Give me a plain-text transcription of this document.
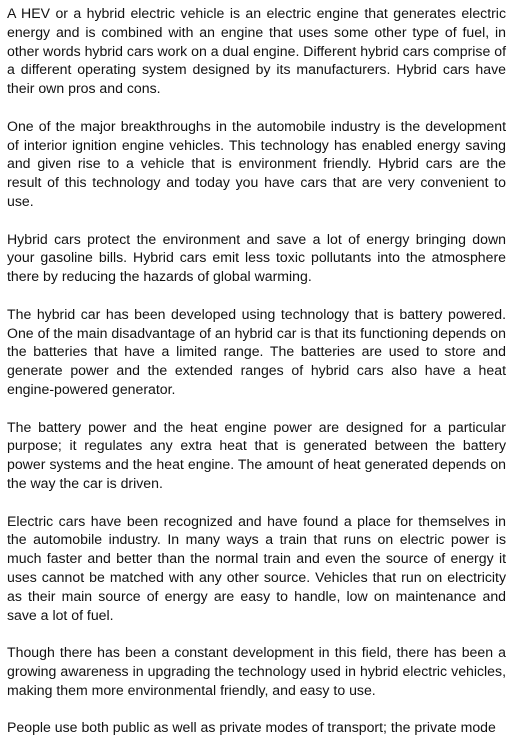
A HEV or a hybrid electric vehicle is an electric engine that generates electric energy and is combined with an engine that uses some other type of fuel, in other words hybrid cars work on a dual engine. Different hybrid cars comprise of a different operating system designed by its manufacturers. Hybrid cars have their own pros and cons.

One of the major breakthroughs in the automobile industry is the development of interior ignition engine vehicles. This technology has enabled energy saving and given rise to a vehicle that is environment friendly. Hybrid cars are the result of this technology and today you have cars that are very convenient to use.

Hybrid cars protect the environment and save a lot of energy bringing down your gasoline bills. Hybrid cars emit less toxic pollutants into the atmosphere there by reducing the hazards of global warming.

The hybrid car has been developed using technology that is battery powered. One of the main disadvantage of an hybrid car is that its functioning depends on the batteries that have a limited range. The batteries are used to store and generate power and the extended ranges of hybrid cars also have a heat engine-powered generator.

The battery power and the heat engine power are designed for a particular purpose; it regulates any extra heat that is generated between the battery power systems and the heat engine. The amount of heat generated depends on the way the car is driven.

Electric cars have been recognized and have found a place for themselves in the automobile industry. In many ways a train that runs on electric power is much faster and better than the normal train and even the source of energy it uses cannot be matched with any other source. Vehicles that run on electricity as their main source of energy are easy to handle, low on maintenance and save a lot of fuel.

Though there has been a constant development in this field, there has been a growing awareness in upgrading the technology used in hybrid electric vehicles, making them more environmental friendly, and easy to use.

People use both public as well as private modes of transport; the private mode
